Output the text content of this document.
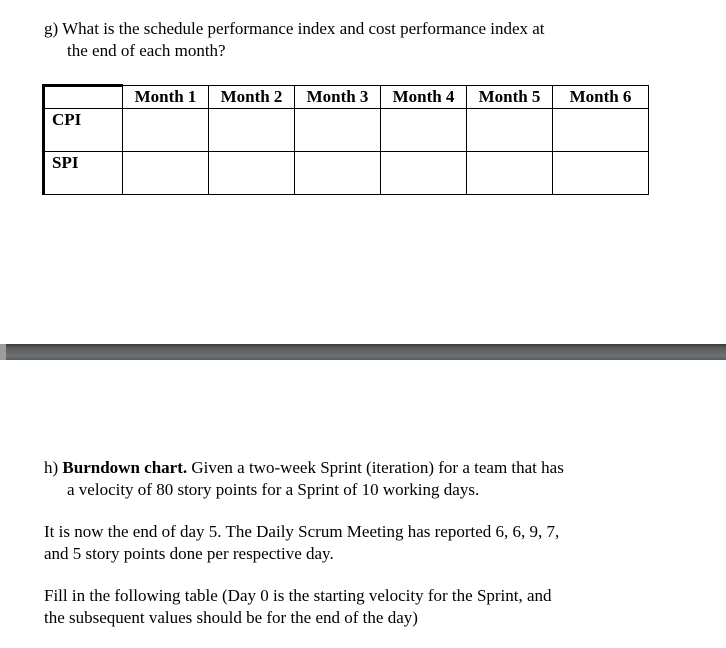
g) What is the schedule performance index and cost performance index at
the end of each month?
	Month 1	Month 2	Month 3	Month 4	Month 5	Month 6
CPI						
SPI						
h) Burndown chart. Given a two-week Sprint (iteration) for a team that has
a velocity of 80 story points for a Sprint of 10 working days.
It is now the end of day 5. The Daily Scrum Meeting has reported 6, 6, 9, 7,
and 5 story points done per respective day.
Fill in the following table (Day 0 is the starting velocity for the Sprint, and
the subsequent values should be for the end of the day)
